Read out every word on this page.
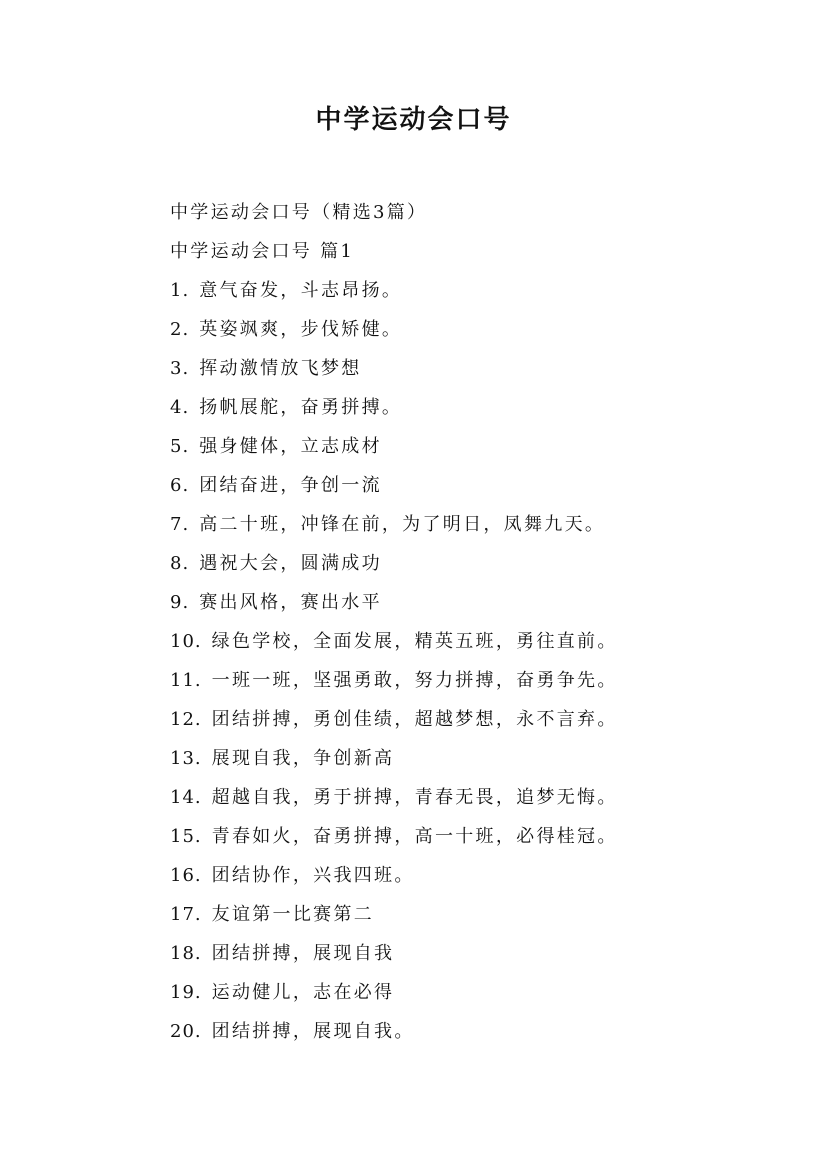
中学运动会口号
中学运动会口号（精选3篇）
中学运动会口号 篇1
1. 意气奋发，斗志昂扬。
2. 英姿飒爽，步伐矫健。
3. 挥动激情放飞梦想
4. 扬帆展舵，奋勇拼搏。
5. 强身健体，立志成材
6. 团结奋进，争创一流
7. 高二十班，冲锋在前，为了明日，凤舞九天。
8. 遇祝大会，圆满成功
9. 赛出风格，赛出水平
10. 绿色学校，全面发展，精英五班，勇往直前。
11. 一班一班，坚强勇敢，努力拼搏，奋勇争先。
12. 团结拼搏，勇创佳绩，超越梦想，永不言弃。
13. 展现自我，争创新高
14. 超越自我，勇于拼搏，青春无畏，追梦无悔。
15. 青春如火，奋勇拼搏，高一十班，必得桂冠。
16. 团结协作，兴我四班。
17. 友谊第一比赛第二
18. 团结拼搏，展现自我
19. 运动健儿，志在必得
20. 团结拼搏，展现自我。
